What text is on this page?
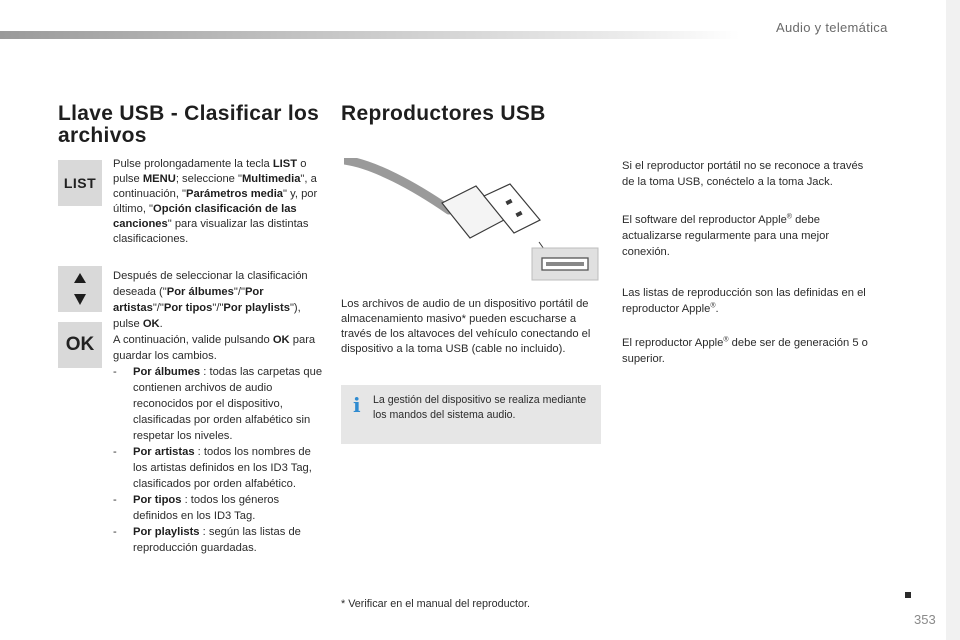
Audio y telemática
Llave USB - Clasificar los archivos
LIST
Pulse prolongadamente la tecla LIST o pulse MENU; seleccione "Multimedia", a continuación, "Parámetros media" y, por último, "Opción clasificación de las canciones" para visualizar las distintas clasificaciones.
OK
Después de seleccionar la clasificación deseada ("Por álbumes"/"Por artistas"/"Por tipos"/"Por playlists"), pulse OK.
A continuación, valide pulsando OK para guardar los cambios.
- Por álbumes : todas las carpetas que contienen archivos de audio reconocidos por el dispositivo, clasificadas por orden alfabético sin respetar los niveles.
- Por artistas : todos los nombres de los artistas definidos en los ID3 Tag, clasificados por orden alfabético.
- Por tipos : todos los géneros definidos en los ID3 Tag.
- Por playlists : según las listas de reproducción guardadas.
Reproductores USB
Los archivos de audio de un dispositivo portátil de almacenamiento masivo* pueden escucharse a través de los altavoces del vehículo conectando el dispositivo a la toma USB (cable no incluido).
i La gestión del dispositivo se realiza mediante los mandos del sistema audio.
* Verificar en el manual del reproductor.
Si el reproductor portátil no se reconoce a través de la toma USB, conéctelo a la toma Jack.
El software del reproductor Apple® debe actualizarse regularmente para una mejor conexión.
Las listas de reproducción son las definidas en el reproductor Apple®.
El reproductor Apple® debe ser de generación 5 o superior.
353
